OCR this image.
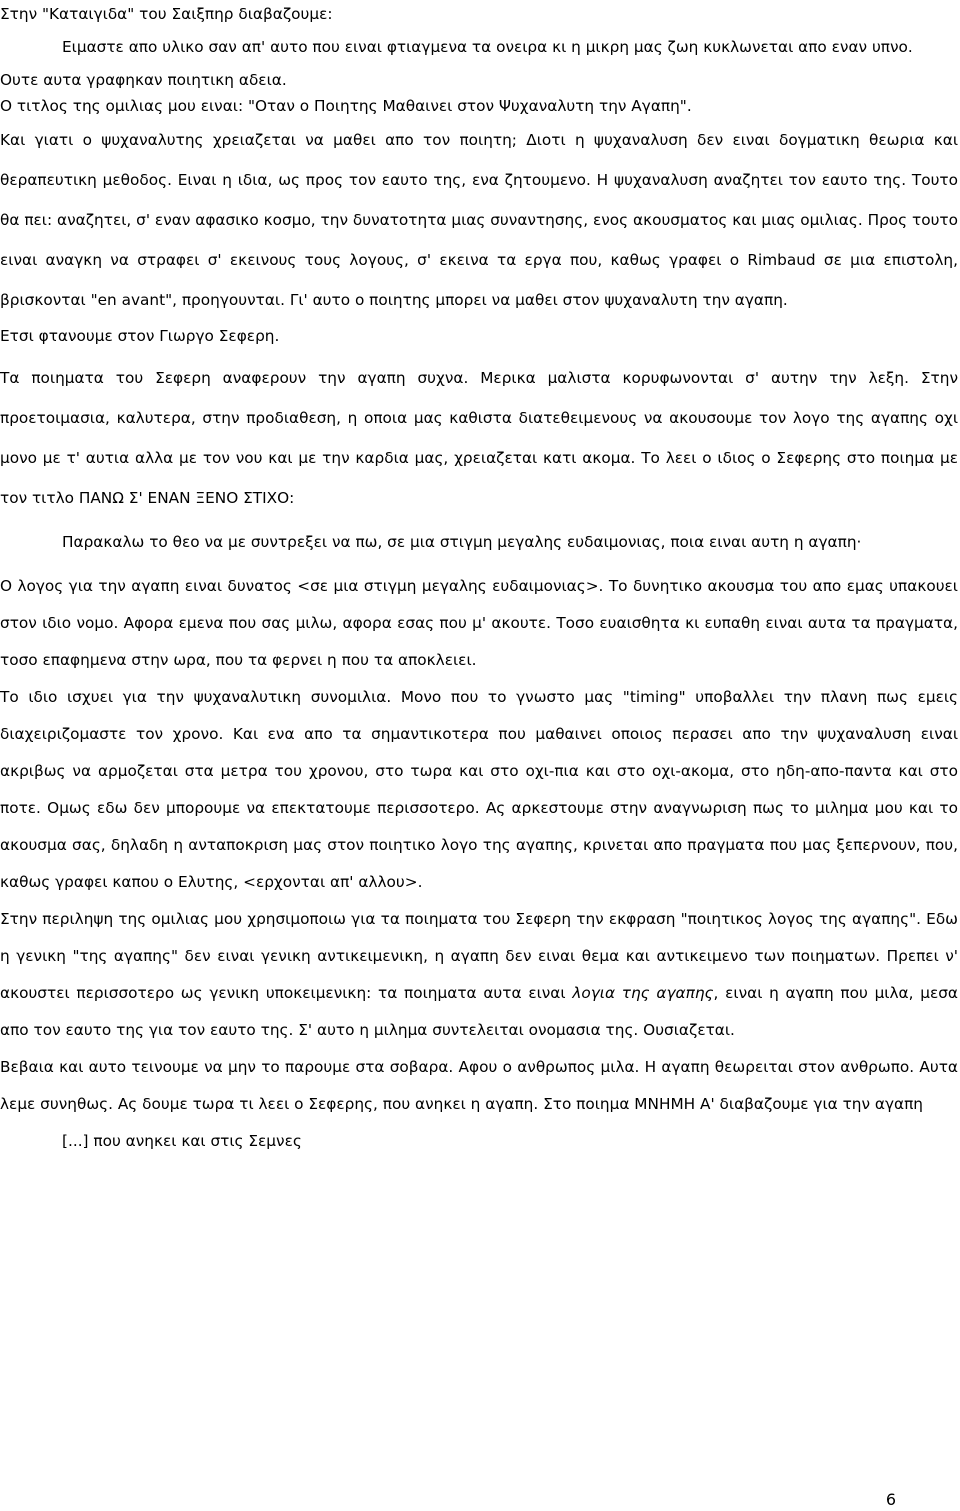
Στην "Καταιγιδα" του Σαιξπηρ διαβαζουμε:

Ειμαστε απο υλικο σαν απ' αυτο που ειναι φτιαγμενα τα ονειρα κι η μικρη μας ζωη κυκλωνεται απο εναν υπνο.

Ουτε αυτα γραφηκαν ποιητικη αδεια.

Ο τιτλος της ομιλιας μου ειναι: "Οταν ο Ποιητης Μαθαινει στον Ψυχαναλυτη την Αγαπη".

Και γιατι ο ψυχαναλυτης χρειαζεται να μαθει απο τον ποιητη; Διοτι η ψυχαναλυση δεν ειναι δογματικη θεωρια και θεραπευτικη μεθοδος. Ειναι η ιδια, ως προς τον εαυτο της, ενα ζητουμενο. Η ψυχαναλυση αναζητει τον εαυτο της. Τουτο θα πει: αναζητει, σ' εναν αφασικο κοσμο, την δυνατοτητα μιας συναντησης, ενος ακουσματος και μιας ομιλιας. Προς τουτο ειναι αναγκη να στραφει σ' εκεινους τους λογους, σ' εκεινα τα εργα που, καθως γραφει ο Rimbaud σε μια επιστολη, βρισκονται "en avant", προηγουνται. Γι' αυτο ο ποιητης μπορει να μαθει στον ψυχαναλυτη την αγαπη.

Ετσι φτανουμε στον Γιωργο Σεφερη.

Τα ποιηματα του Σεφερη αναφερουν την αγαπη συχνα. Μερικα μαλιστα κορυφωνονται σ' αυτην την λεξη. Στην προετοιμασια, καλυτερα, στην προδιαθεση, η οποια μας καθιστα διατεθειμενους να ακουσουμε τον λογο της αγαπης οχι μονο με τ' αυτια αλλα με τον νου και με την καρδια μας, χρειαζεται κατι ακομα. Το λεει ο ιδιος ο Σεφερης στο ποιημα με τον τιτλο ΠΑΝΩ Σ' ΕΝΑΝ ΞΕΝΟ ΣΤΙΧΟ:

Παρακαλω το θεο να με συντρεξει να πω, σε μια στιγμη μεγαλης ευδαιμονιας, ποια ειναι αυτη η αγαπη·

Ο λογος για την αγαπη ειναι δυνατος <σε μια στιγμη μεγαλης ευδαιμονιας>. Το δυνητικο ακουσμα του απο εμας υπακουει στον ιδιο νομο. Αφορα εμενα που σας μιλω, αφορα εσας που μ' ακουτε. Τοσο ευαισθητα κι ευπαθη ειναι αυτα τα πραγματα, τοσο επαφημενα στην ωρα, που τα φερνει η που τα αποκλειει.

Το ιδιο ισχυει για την ψυχαναλυτικη συνομιλια. Μονο που το γνωστο μας "timing" υποβαλλει την πλανη πως εμεις διαχειριζομαστε τον χρονο. Και ενα απο τα σημαντικοτερα που μαθαινει οποιος περασει απο την ψυχαναλυση ειναι ακριβως να αρμοζεται στα μετρα του χρονου, στο τωρα και στο οχι-πια και στο οχι-ακομα, στο ηδη-απο-παντα και στο ποτε. Ομως εδω δεν μπορουμε να επεκτατουμε περισσοτερο. Ας αρκεστουμε στην αναγνωριση πως το μιλημα μου και το ακουσμα σας, δηλαδη η ανταποκριση μας στον ποιητικο λογο της αγαπης, κρινεται απο πραγματα που μας ξεπερνουν, που, καθως γραφει καπου ο Ελυτης, <ερχονται απ' αλλου>.

Στην περιληψη της ομιλιας μου χρησιμοποιω για τα ποιηματα του Σεφερη την εκφραση "ποιητικος λογος της αγαπης". Εδω η γενικη "της αγαπης" δεν ειναι γενικη αντικειμενικη, η αγαπη δεν ειναι θεμα και αντικειμενο των ποιηματων. Πρεπει ν' ακουστει περισσοτερο ως γενικη υποκειμενικη: τα ποιηματα αυτα ειναι λογια της αγαπης, ειναι η αγαπη που μιλα, μεσα απο τον εαυτο της για τον εαυτο της. Σ' αυτο η μιλημα συντελειται ονομασια της. Ουσιαζεται.

Βεβαια και αυτο τεινουμε να μην το παρουμε στα σοβαρα. Αφου ο ανθρωπος μιλα. Η αγαπη θεωρειται στον ανθρωπο. Αυτα λεμε συνηθως. Ας δουμε τωρα τι λεει ο Σεφερης, που ανηκει η αγαπη. Στο ποιημα ΜΝΗΜΗ Α' διαβαζουμε για την αγαπη

[...] που ανηκει και στις Σεμνες

6
